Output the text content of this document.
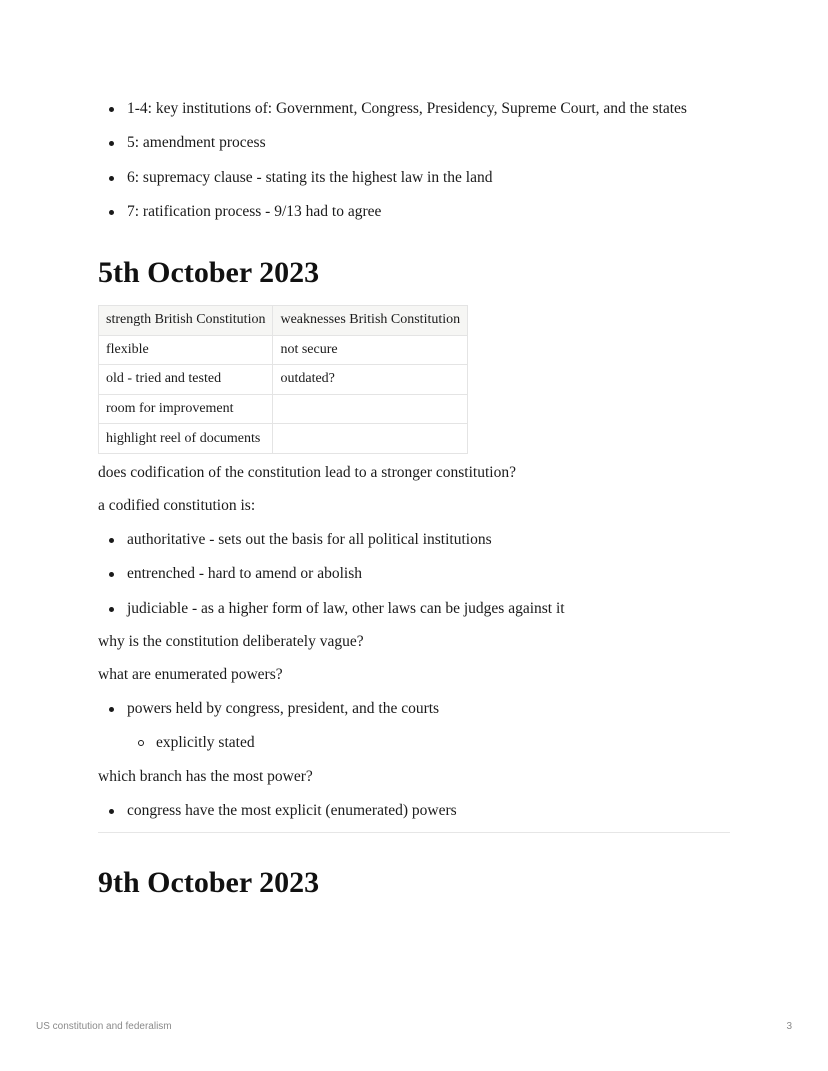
1-4: key institutions of: Government, Congress, Presidency, Supreme Court, and the states
5: amendment process
6: supremacy clause - stating its the highest law in the land
7: ratification process - 9/13 had to agree
5th October 2023
strength British Constitution	weaknesses British Constitution
flexible	not secure
old - tried and tested	outdated?
room for improvement	
highlight reel of documents	

does codification of the constitution lead to a stronger constitution?

a codified constitution is:

authoritative - sets out the basis for all political institutions
entrenched - hard to amend or abolish
judiciable - as a higher form of law, other laws can be judges against it

why is the constitution deliberately vague?

what are enumerated powers?

powers held by congress, president, and the courts
explicitly stated

which branch has the most power?

congress have the most explicit (enumerated) powers
9th October 2023
US constitution and federalism	3
